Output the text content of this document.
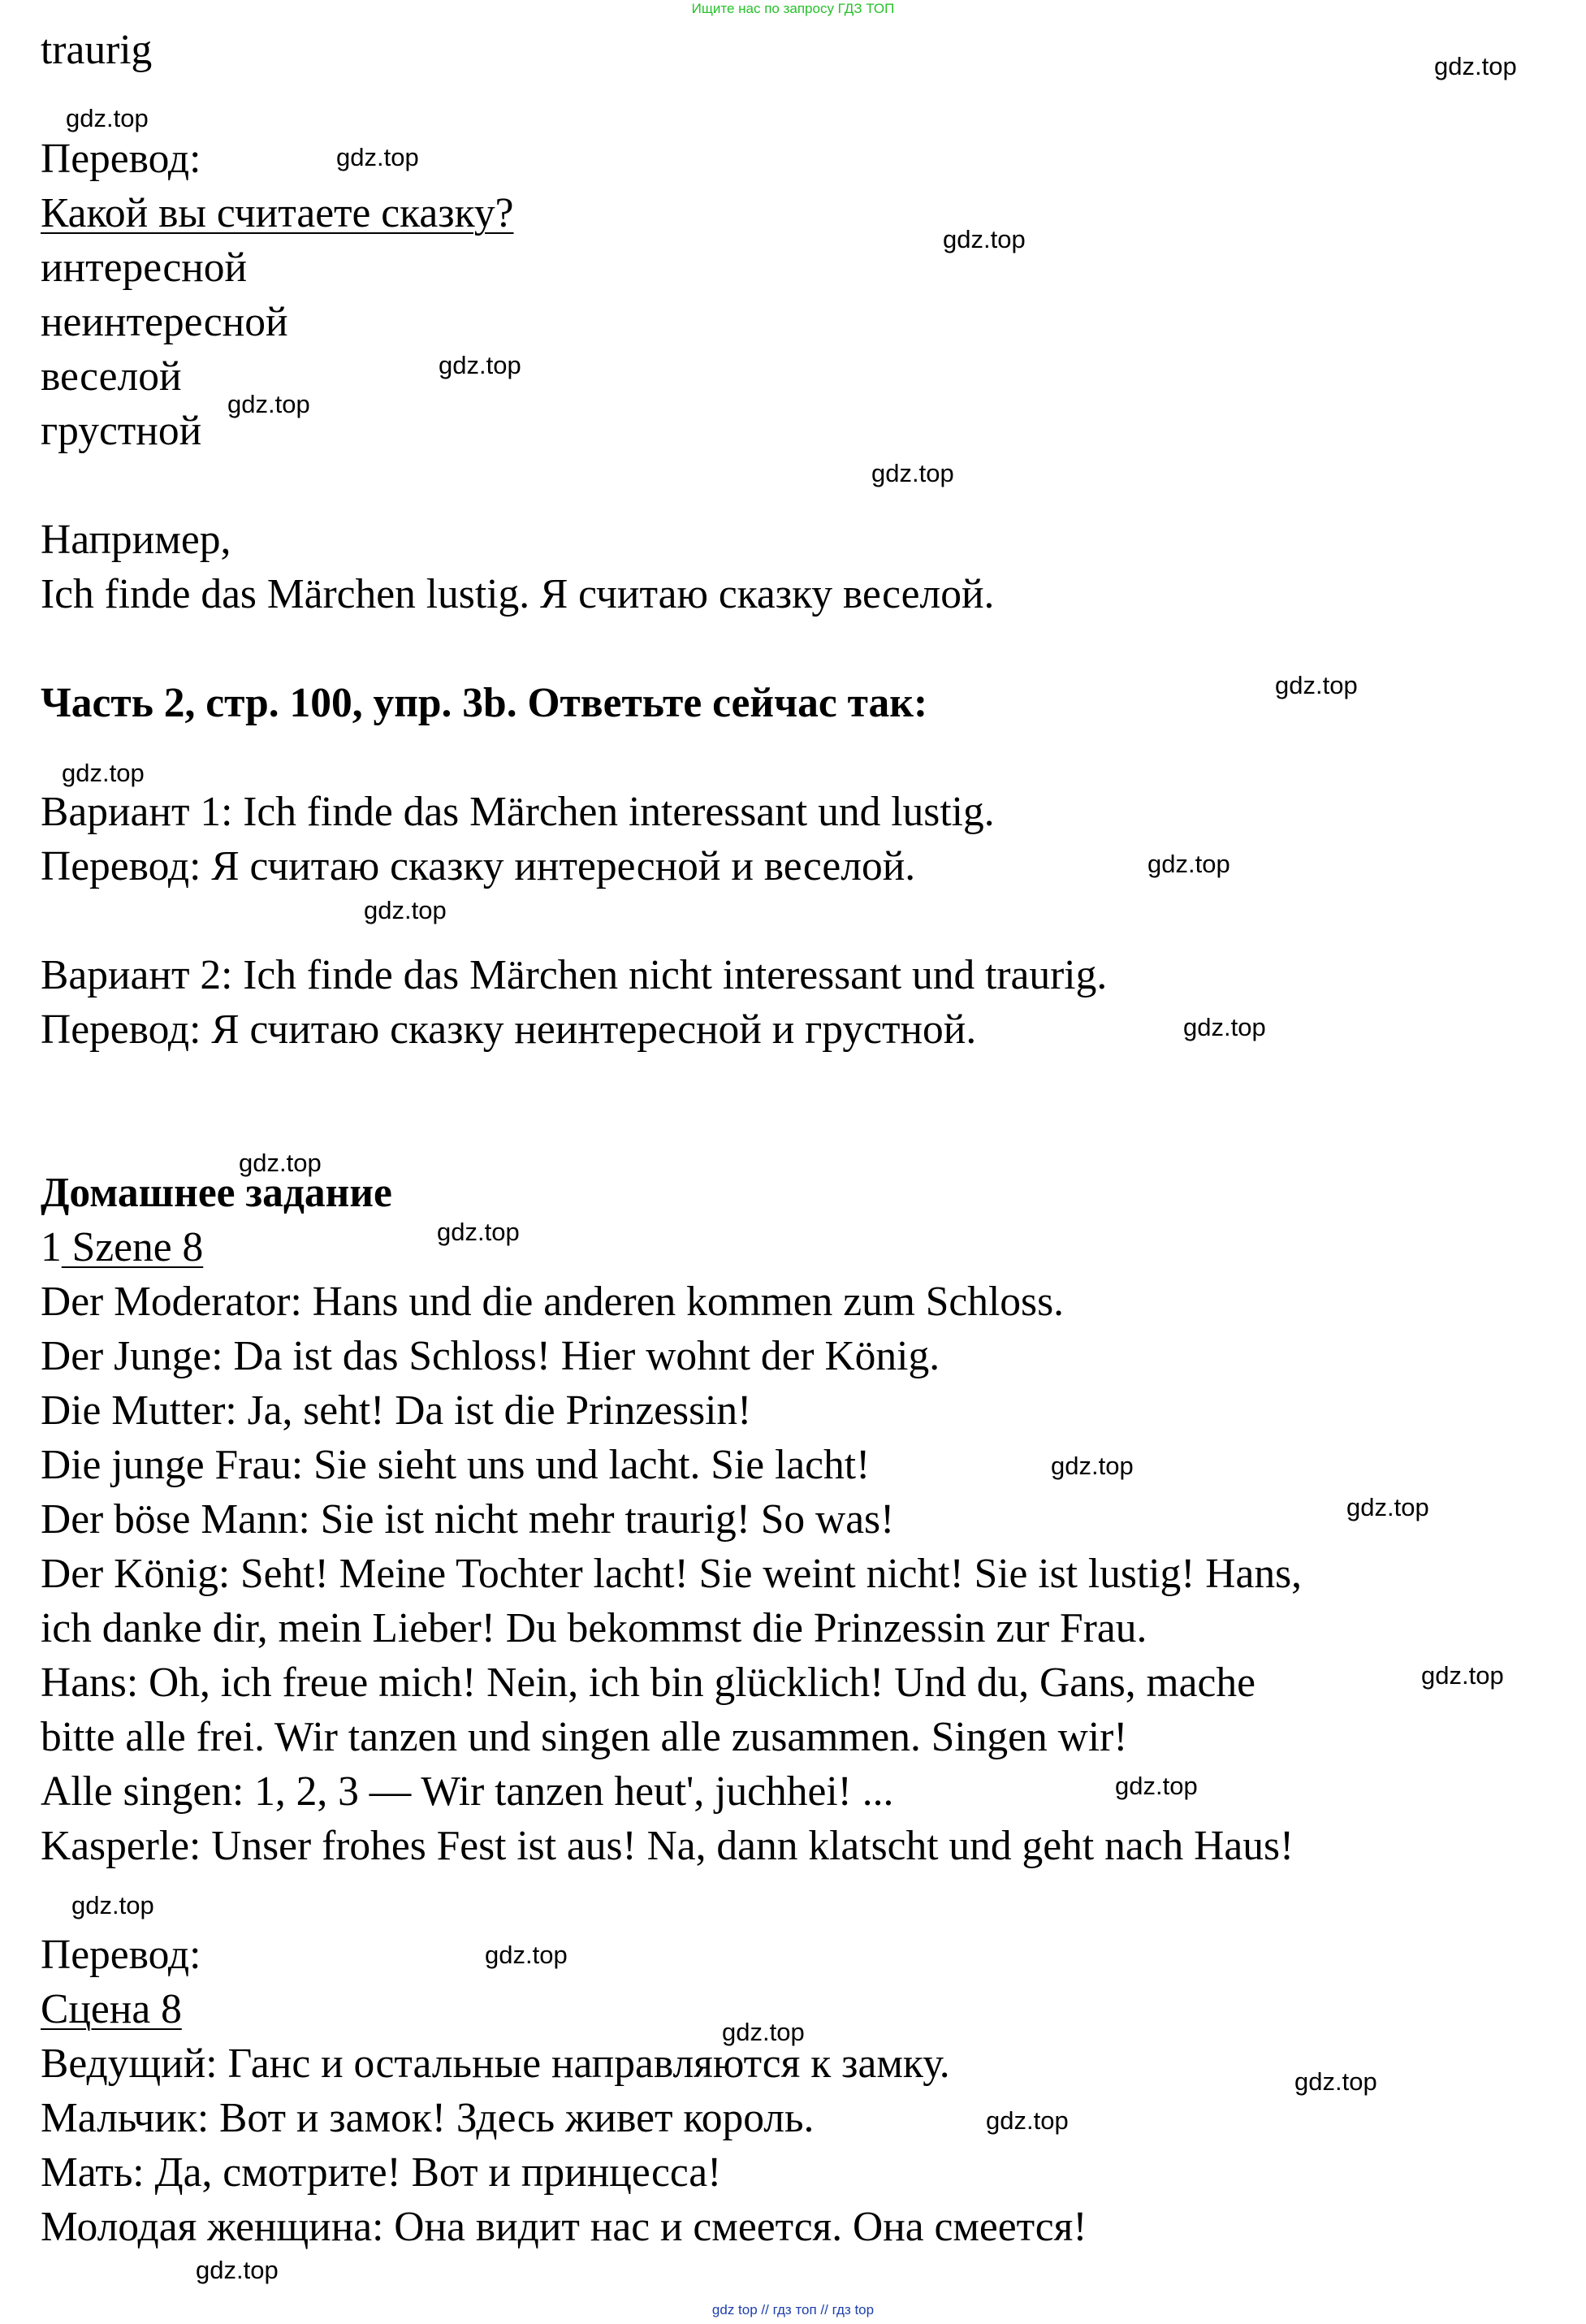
Ищите нас по запросу ГДЗ ТОП
traurig
Перевод:
Какой вы считаете сказку?
интересной
неинтересной
веселой
грустной
Например,
Ich finde das Märchen lustig. Я считаю сказку веселой.
Часть 2, стр. 100, упр. 3b. Ответьте сейчас так:
Вариант 1: Ich finde das Märchen interessant und lustig.
Перевод: Я считаю сказку интересной и веселой.
Вариант 2: Ich finde das Märchen nicht interessant und traurig.
Перевод: Я считаю сказку неинтересной и грустной.
Домашнее задание
1 Szene 8
Der Moderator: Hans und die anderen kommen zum Schloss.
Der Junge: Da ist das Schloss! Hier wohnt der König.
Die Mutter: Ja, seht! Da ist die Prinzessin!
Die junge Frau: Sie sieht uns und lacht. Sie lacht!
Der böse Mann: Sie ist nicht mehr traurig! So was!
Der König: Seht! Meine Tochter lacht! Sie weint nicht! Sie ist lustig! Hans,
ich danke dir, mein Lieber! Du bekommst die Prinzessin zur Frau.
Hans: Oh, ich freue mich! Nein, ich bin glücklich! Und du, Gans, mache
bitte alle frei. Wir tanzen und singen alle zusammen. Singen wir!
Alle singen: 1, 2, 3 — Wir tanzen heut', juchhei! ...
Kasperle: Unser frohes Fest ist aus! Na, dann klatscht und geht nach Haus!
Перевод:
Сцена 8
Ведущий: Ганс и остальные направляются к замку.
Мальчик: Вот и замок! Здесь живет король.
Мать: Да, смотрите! Вот и принцесса!
Молодая женщина: Она видит нас и смеется. Она смеется!
gdz.top
gdz.top
gdz.top
gdz.top
gdz.top
gdz.top
gdz.top
gdz.top
gdz.top
gdz.top
gdz.top
gdz.top
gdz.top
gdz.top
gdz.top
gdz.top
gdz.top
gdz.top
gdz.top
gdz.top
gdz.top
gdz.top
gdz.top
gdz.top
gdz top // гдз топ // гдз top
